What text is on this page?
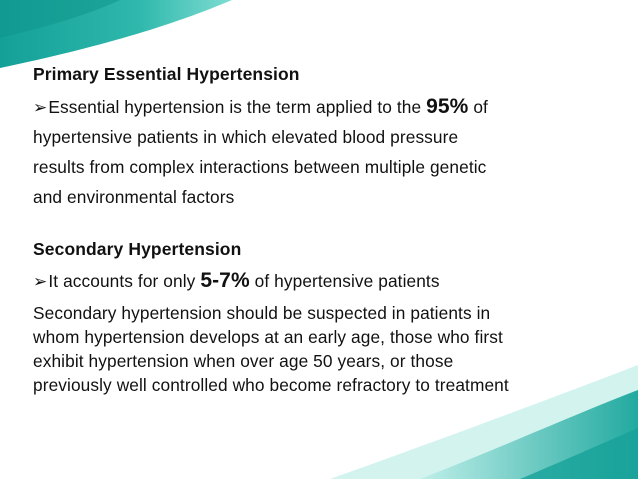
Primary Essential Hypertension
➢Essential hypertension is the term applied to the 95% of
hypertensive patients in which elevated blood pressure
results from complex interactions between multiple genetic
and environmental factors
Secondary Hypertension
➢It accounts for only 5-7% of hypertensive patients
Secondary hypertension should be suspected in patients in
whom hypertension develops at an early age, those who first
exhibit hypertension when over age 50 years, or those
previously well controlled who become refractory to treatment
